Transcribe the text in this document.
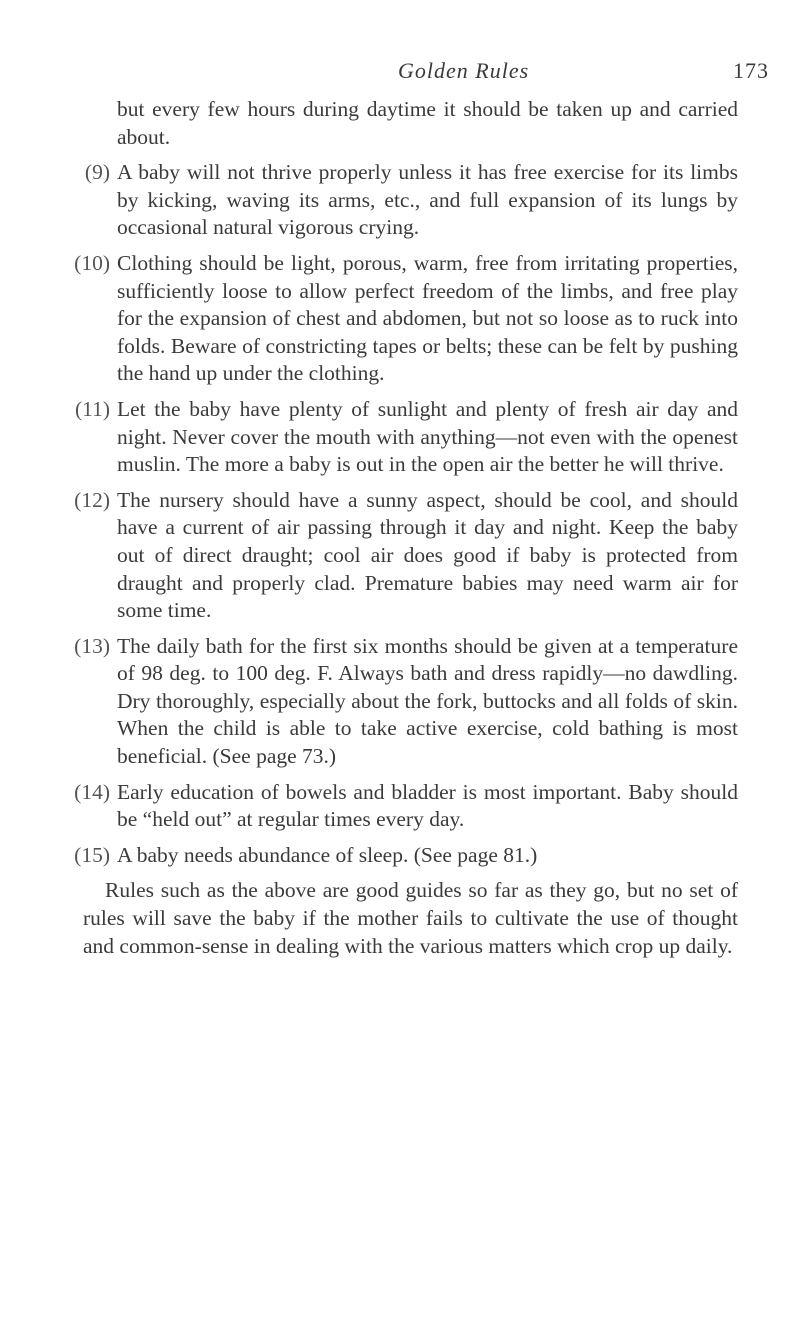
Golden Rules	173

but every few hours during daytime it should be taken up and carried about.

(9) A baby will not thrive properly unless it has free exercise for its limbs by kicking, waving its arms, etc., and full expansion of its lungs by occasional natural vigorous crying.

(10) Clothing should be light, porous, warm, free from irritating properties, sufficiently loose to allow perfect freedom of the limbs, and free play for the expansion of chest and abdomen, but not so loose as to ruck into folds. Beware of constricting tapes or belts; these can be felt by pushing the hand up under the clothing.

(11) Let the baby have plenty of sunlight and plenty of fresh air day and night. Never cover the mouth with anything—not even with the openest muslin. The more a baby is out in the open air the better he will thrive.

(12) The nursery should have a sunny aspect, should be cool, and should have a current of air passing through it day and night. Keep the baby out of direct draught; cool air does good if baby is protected from draught and properly clad. Premature babies may need warm air for some time.

(13) The daily bath for the first six months should be given at a temperature of 98 deg. to 100 deg. F. Always bath and dress rapidly—no dawdling. Dry thoroughly, especially about the fork, buttocks and all folds of skin. When the child is able to take active exercise, cold bathing is most beneficial. (See page 73.)

(14) Early education of bowels and bladder is most important. Baby should be “held out” at regular times every day.

(15) A baby needs abundance of sleep. (See page 81.)

Rules such as the above are good guides so far as they go, but no set of rules will save the baby if the mother fails to cultivate the use of thought and common-sense in dealing with the various matters which crop up daily.
